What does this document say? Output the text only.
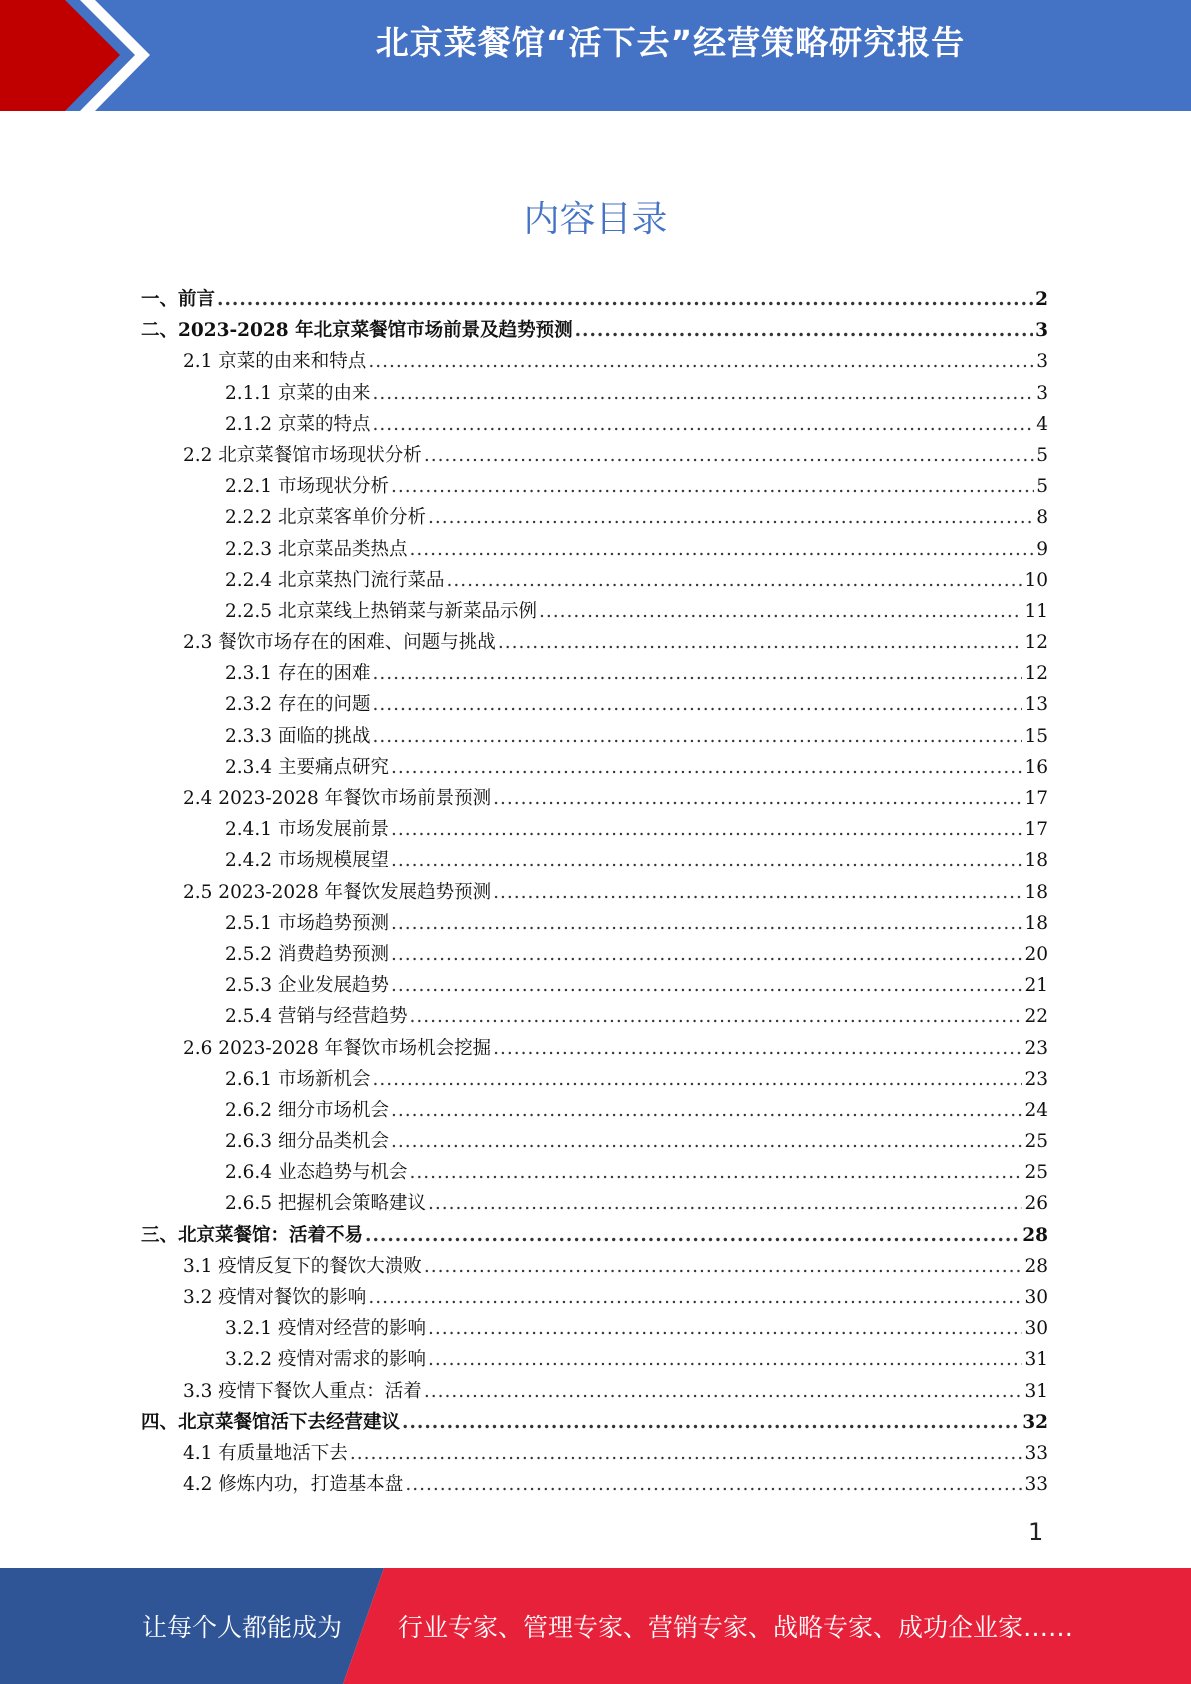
北京菜餐馆“活下去”经营策略研究报告
内容目录
一、前言 .....	2
二、2023-2028 年北京菜餐馆市场前景及趋势预测 .....	3
2.1 京菜的由来和特点 .....	3
2.1.1 京菜的由来 .....	3
2.1.2 京菜的特点 .....	4
2.2 北京菜餐馆市场现状分析 .....	5
2.2.1 市场现状分析 .....	5
2.2.2 北京菜客单价分析 .....	8
2.2.3 北京菜品类热点 .....	9
2.2.4 北京菜热门流行菜品 .....	10
2.2.5 北京菜线上热销菜与新菜品示例 .....	11
2.3 餐饮市场存在的困难、问题与挑战 .....	12
2.3.1 存在的困难 .....	12
2.3.2 存在的问题 .....	13
2.3.3 面临的挑战 .....	15
2.3.4 主要痛点研究 .....	16
2.4 2023-2028 年餐饮市场前景预测 .....	17
2.4.1 市场发展前景 .....	17
2.4.2 市场规模展望 .....	18
2.5 2023-2028 年餐饮发展趋势预测 .....	18
2.5.1 市场趋势预测 .....	18
2.5.2 消费趋势预测 .....	20
2.5.3 企业发展趋势 .....	21
2.5.4 营销与经营趋势 .....	22
2.6 2023-2028 年餐饮市场机会挖掘 .....	23
2.6.1 市场新机会 .....	23
2.6.2 细分市场机会 .....	24
2.6.3 细分品类机会 .....	25
2.6.4 业态趋势与机会 .....	25
2.6.5 把握机会策略建议 .....	26
三、北京菜餐馆：活着不易 .....	28
3.1 疫情反复下的餐饮大溃败 .....	28
3.2 疫情对餐饮的影响 .....	30
3.2.1 疫情对经营的影响 .....	30
3.2.2 疫情对需求的影响 .....	31
3.3 疫情下餐饮人重点：活着 .....	31
四、北京菜餐馆活下去经营建议 .....	32
4.1 有质量地活下去 .....	33
4.2 修炼内功，打造基本盘 .....	33
1
让每个人都能成为 行业专家、管理专家、营销专家、战略专家、成功企业家……
